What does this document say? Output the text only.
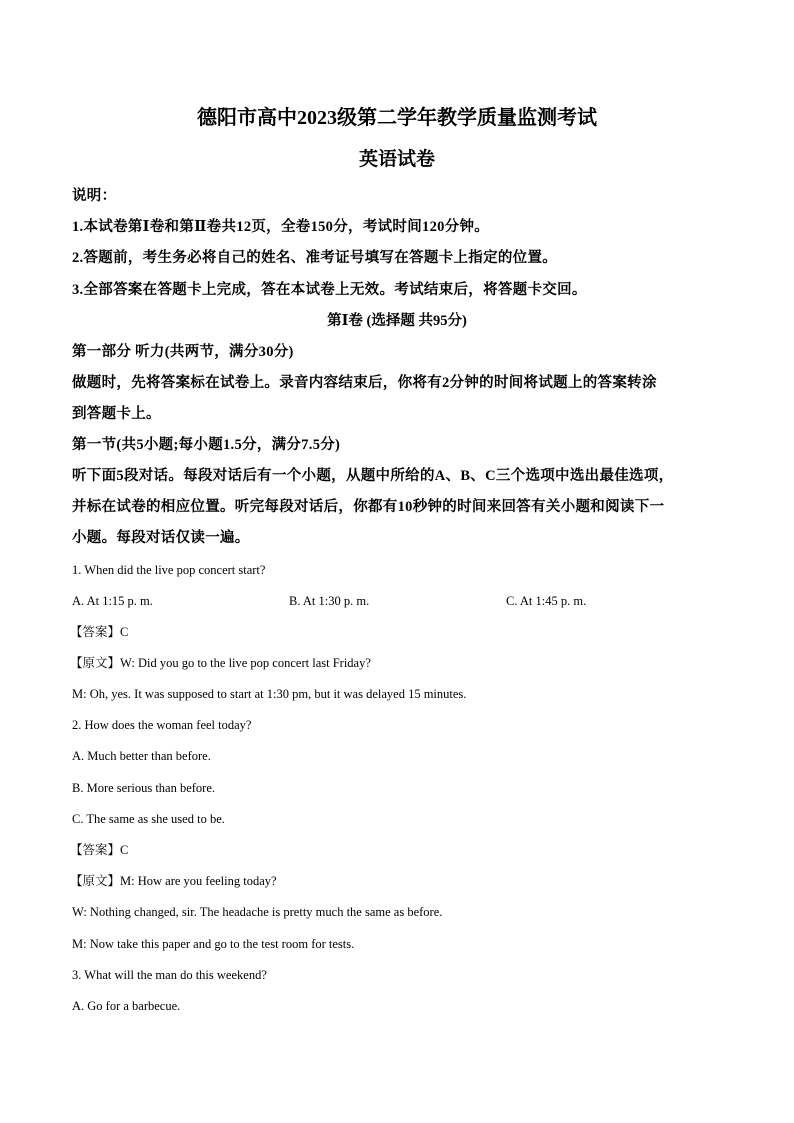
德阳市高中2023级第二学年教学质量监测考试
英语试卷
说明：
1.本试卷第Ⅰ卷和第Ⅱ卷共12页，全卷150分，考试时间120分钟。
2.答题前，考生务必将自己的姓名、准考证号填写在答题卡上指定的位置。
3.全部答案在答题卡上完成，答在本试卷上无效。考试结束后，将答题卡交回。
第Ⅰ卷 (选择题 共95分)
第一部分 听力(共两节，满分30分)
做题时，先将答案标在试卷上。录音内容结束后，你将有2分钟的时间将试题上的答案转涂
到答题卡上。
第一节(共5小题;每小题1.5分，满分7.5分)
听下面5段对话。每段对话后有一个小题，从题中所给的A、B、C三个选项中选出最佳选项，
并标在试卷的相应位置。听完每段对话后，你都有10秒钟的时间来回答有关小题和阅读下一
小题。每段对话仅读一遍。
1. When did the live pop concert start?
A. At 1:15 p. m.	B. At 1:30 p. m.	C. At 1:45 p. m.
【答案】C
【原文】W: Did you go to the live pop concert last Friday?
M: Oh, yes. It was supposed to start at 1:30 pm, but it was delayed 15 minutes.
2. How does the woman feel today?
A. Much better than before.
B. More serious than before.
C. The same as she used to be.
【答案】C
【原文】M: How are you feeling today?
W: Nothing changed, sir. The headache is pretty much the same as before.
M: Now take this paper and go to the test room for tests.
3. What will the man do this weekend?
A. Go for a barbecue.
